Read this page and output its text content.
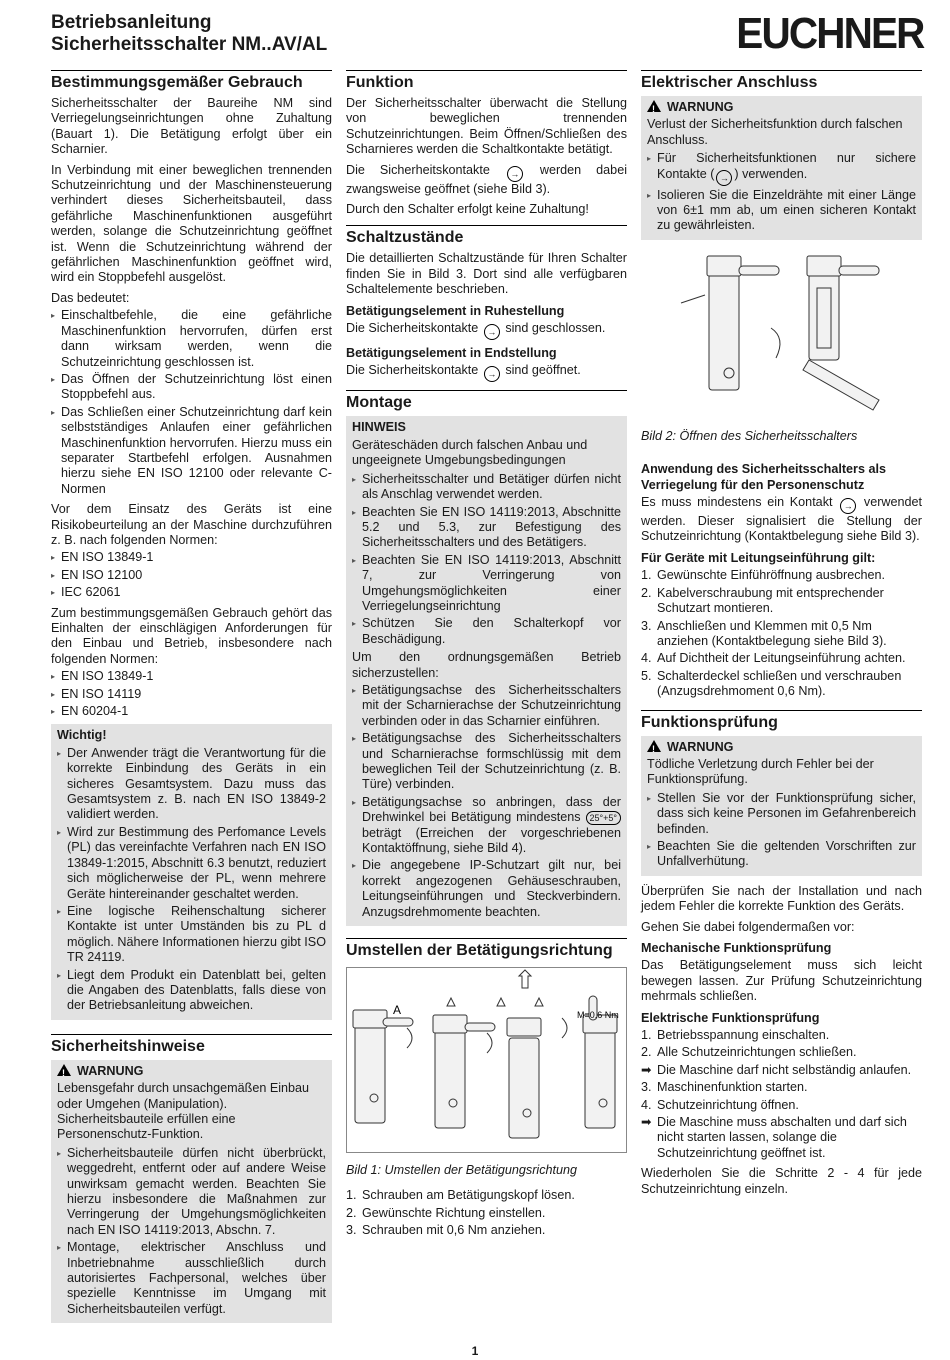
Betriebsanleitung
Sicherheitsschalter NM..AV/AL	EUCHNER
Bestimmungsgemäßer Gebrauch

Sicherheitsschalter der Baureihe NM sind Verriegelungseinrichtungen ohne Zuhaltung (Bauart 1). Die Betätigung erfolgt über ein Scharnier.

In Verbindung mit einer beweglichen trennenden Schutzeinrichtung und der Maschinensteuerung verhindert dieses Sicherheitsbauteil, dass gefährliche Maschinenfunktionen ausgeführt werden, solange die Schutzeinrichtung geöffnet ist. Wenn die Schutzeinrichtung während der gefährlichen Maschinenfunktion geöffnet wird, wird ein Stoppbefehl ausgelöst.

Das bedeutet:

▸ Einschaltbefehle, die eine gefährliche Maschinenfunktion hervorrufen, dürfen erst dann wirksam werden, wenn die Schutzeinrichtung geschlossen ist.
▸ Das Öffnen der Schutzeinrichtung löst einen Stoppbefehl aus.
▸ Das Schließen einer Schutzeinrichtung darf kein selbstständiges Anlaufen einer gefährlichen Maschinenfunktion hervorrufen. Hierzu muss ein separater Startbefehl erfolgen. Ausnahmen hierzu siehe EN ISO 12100 oder relevante C-Normen

Vor dem Einsatz des Geräts ist eine Risikobeurteilung an der Maschine durchzuführen z. B. nach folgenden Normen:

▸ EN ISO 13849-1
▸ EN ISO 12100
▸ IEC 62061

Zum bestimmungsgemäßen Gebrauch gehört das Einhalten der einschlägigen Anforderungen für den Einbau und Betrieb, insbesondere nach folgenden Normen:

▸ EN ISO 13849-1
▸ EN ISO 14119
▸ EN 60204-1
Wichtig!
▸ Der Anwender trägt die Verantwortung für die korrekte Einbindung des Geräts in ein sicheres Gesamtsystem. Dazu muss das Gesamtsystem z. B. nach EN ISO 13849-2 validiert werden.
▸ Wird zur Bestimmung des Perfomance Levels (PL) das vereinfachte Verfahren nach EN ISO 13849-1:2015, Abschnitt 6.3 benutzt, reduziert sich möglicherweise der PL, wenn mehrere Geräte hintereinander geschaltet werden.
▸ Eine logische Reihenschaltung sicherer Kontakte ist unter Umständen bis zu PL d möglich. Nähere Informationen hierzu gibt ISO TR 24119.
▸ Liegt dem Produkt ein Datenblatt bei, gelten die Angaben des Datenblatts, falls diese von der Betriebsanleitung abweichen.
Sicherheitshinweise
!WARNUNG

Lebensgefahr durch unsachgemäßen Einbau oder Umgehen (Manipulation). Sicherheitsbauteile erfüllen eine Personenschutz-Funktion.

▸ Sicherheitsbauteile dürfen nicht überbrückt, weggedreht, entfernt oder auf andere Weise unwirksam gemacht werden. Beachten Sie hierzu insbesondere die Maßnahmen zur Verringerung der Umgehungsmöglichkeiten nach EN ISO 14119:2013, Abschn. 7.
▸ Montage, elektrischer Anschluss und Inbetriebnahme ausschließlich durch autorisiertes Fachpersonal, welches über spezielle Kenntnisse im Umgang mit Sicherheitsbauteilen verfügt.
Funktion

Der Sicherheitsschalter überwacht die Stellung von beweglichen trennenden Schutzeinrichtungen. Beim Öffnen/Schließen des Scharnieres werden die Schaltkontakte betätigt.

Die Sicherheitskontakte → werden dabei zwangsweise geöffnet (siehe Bild 3).

Durch den Schalter erfolgt keine Zuhaltung!

Schaltzustände

Die detaillierten Schaltzustände für Ihren Schalter finden Sie in Bild 3. Dort sind alle verfügbaren Schaltelemente beschrieben.

Betätigungselement in Ruhestellung

Die Sicherheitskontakte → sind geschlossen.

Betätigungselement in Endstellung

Die Sicherheitskontakte → sind geöffnet.

Montage
HINWEIS

Geräteschäden durch falschen Anbau und ungeeignete Umgebungsbedingungen

▸ Sicherheitsschalter und Betätiger dürfen nicht als Anschlag verwendet werden.
▸ Beachten Sie EN ISO 14119:2013, Abschnitte 5.2 und 5.3, zur Befestigung des Sicherheitsschalters und des Betätigers.
▸ Beachten Sie EN ISO 14119:2013, Abschnitt 7, zur Verringerung von Umgehungsmöglichkeiten einer Verriegelungseinrichtung
▸ Schützen Sie den Schalterkopf vor Beschädigung.

Um den ordnungsgemäßen Betrieb sicherzustellen:

▸ Betätigungsachse des Sicherheitsschalters mit der Scharnierachse der Schutzeinrichtung verbinden oder in das Scharnier einführen.
▸ Betätigungsachse des Sicherheitsschalters und Scharnierachse formschlüssig mit dem beweglichen Teil der Schutzeinrichtung (z. B. Türe) verbinden.
▸ Betätigungsachse so anbringen, dass der Drehwinkel bei Betätigung mindestens 25°+5° beträgt (Erreichen der vorgeschriebenen Kontaktöffnung, siehe Bild 4).
▸ Die angegebene IP-Schutzart gilt nur, bei korrekt angezogenen Gehäuseschrauben, Leitungseinführungen und Steckverbindern. Anzugsdrehmomente beachten.
Umstellen der Betätigungsrichtung
A	M=0,6 Nm
Bild 1: Umstellen der Betätigungsrichtung
1. Schrauben am Betätigungskopf lösen.
2. Gewünschte Richtung einstellen.
3. Schrauben mit 0,6 Nm anziehen.
Elektrischer Anschluss
!WARNUNG

Verlust der Sicherheitsfunktion durch falschen Anschluss.

▸ Für Sicherheitsfunktionen nur sichere Kontakte ( → ) verwenden.
▸ Isolieren Sie die Einzeldrähte mit einer Länge von 6±1 mm ab, um einen sicheren Kontakt zu gewährleisten.
Bild 2: Öffnen des Sicherheitsschalters
Anwendung des Sicherheitsschalters als Verriegelung für den Personenschutz

Es muss mindestens ein Kontakt → verwendet werden. Dieser signalisiert die Stellung der Schutzeinrichtung (Kontaktbelegung siehe Bild 3).

Für Geräte mit Leitungseinführung gilt:
1. Gewünschte Einführöffnung ausbrechen.
2. Kabelverschraubung mit entsprechender Schutzart montieren.
3. Anschließen und Klemmen mit 0,5 Nm anziehen (Kontaktbelegung siehe Bild 3).
4. Auf Dichtheit der Leitungseinführung achten.
5. Schalterdeckel schließen und verschrauben (Anzugsdrehmoment 0,6 Nm).
Funktionsprüfung
!WARNUNG

Tödliche Verletzung durch Fehler bei der Funktionsprüfung.

▸ Stellen Sie vor der Funktionsprüfung sicher, dass sich keine Personen im Gefahrenbereich befinden.
▸ Beachten Sie die geltenden Vorschriften zur Unfallverhütung.

Überprüfen Sie nach der Installation und nach jedem Fehler die korrekte Funktion des Geräts.

Gehen Sie dabei folgendermaßen vor:

Mechanische Funktionsprüfung

Das Betätigungselement muss sich leicht bewegen lassen. Zur Prüfung Schutzeinrichtung mehrmals schließen.

Elektrische Funktionsprüfung
1. Betriebsspannung einschalten.
2. Alle Schutzeinrichtungen schließen.
➡ Die Maschine darf nicht selbständig anlaufen.
3. Maschinenfunktion starten.
4. Schutzeinrichtung öffnen.
➡ Die Maschine muss abschalten und darf sich nicht starten lassen, solange die Schutzeinrichtung geöffnet ist.

Wiederholen Sie die Schritte 2 - 4 für jede Schutzeinrichtung einzeln.

1
